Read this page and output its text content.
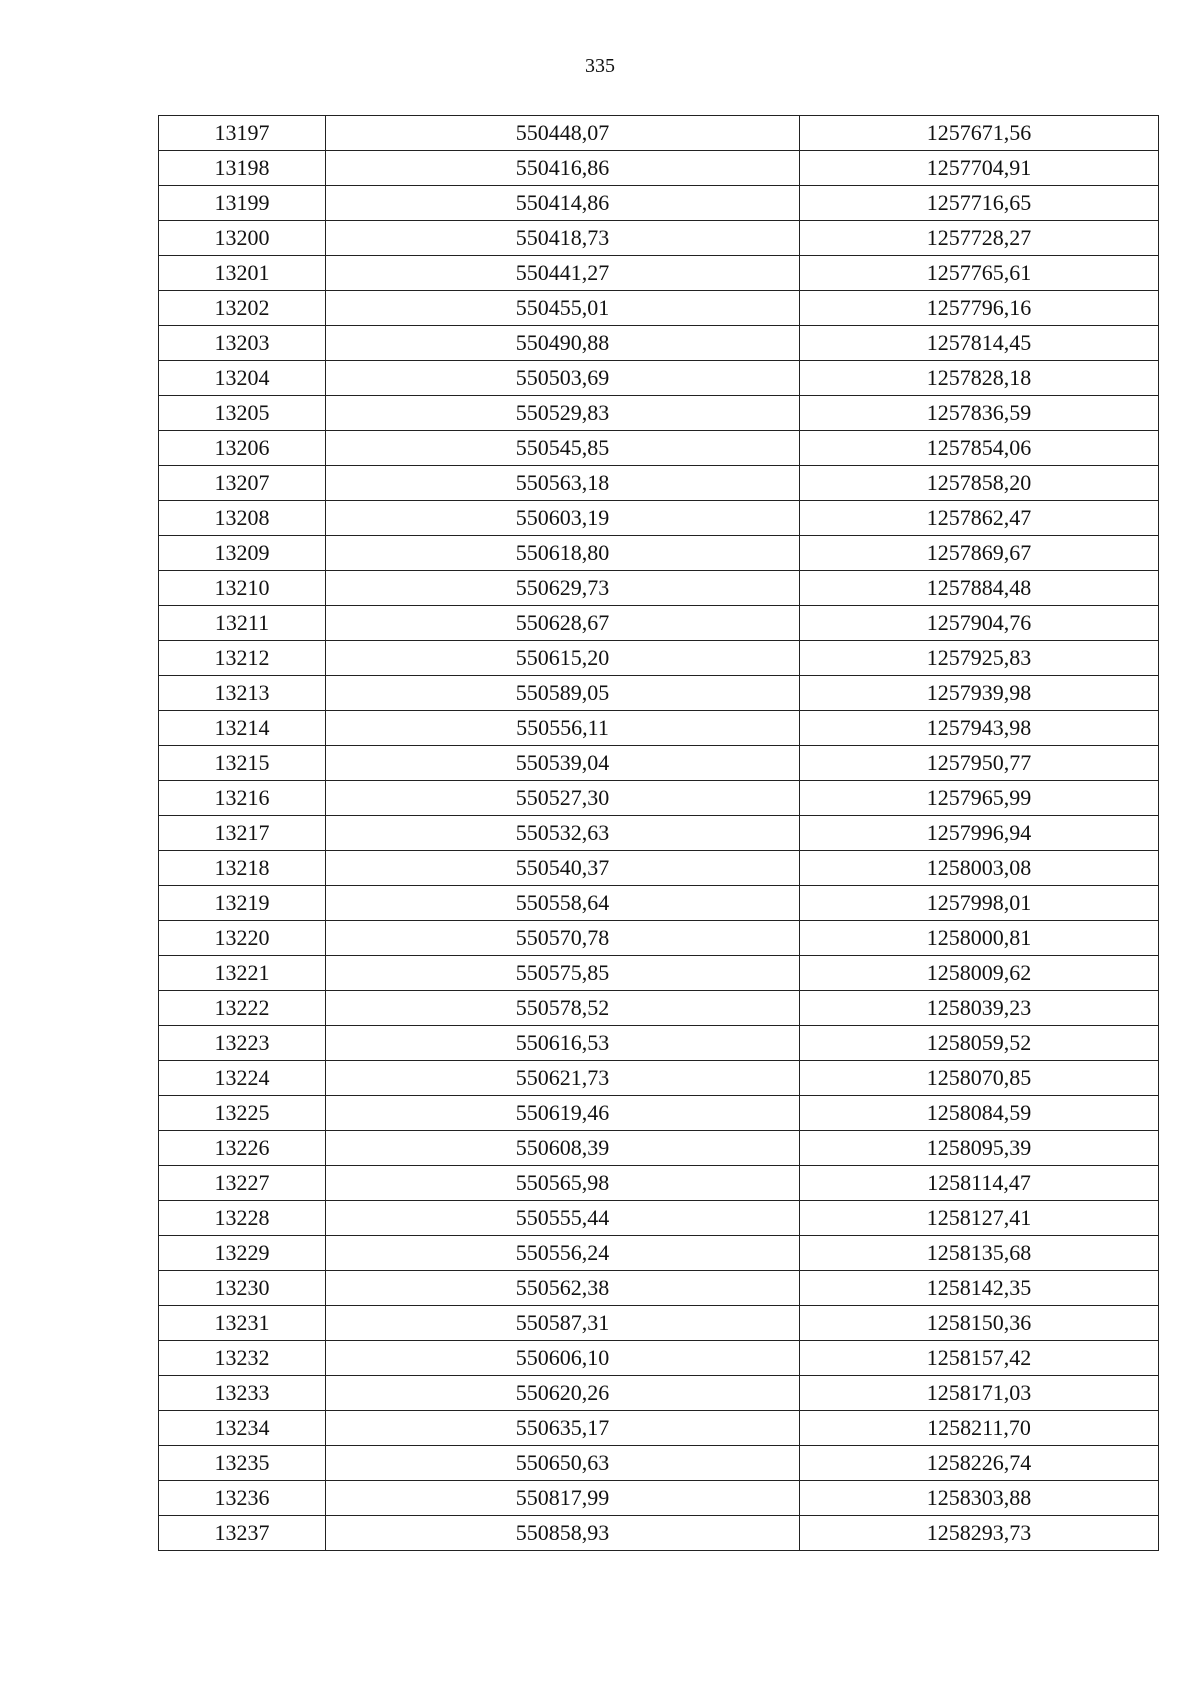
335
13197	550448,07	1257671,56
13198	550416,86	1257704,91
13199	550414,86	1257716,65
13200	550418,73	1257728,27
13201	550441,27	1257765,61
13202	550455,01	1257796,16
13203	550490,88	1257814,45
13204	550503,69	1257828,18
13205	550529,83	1257836,59
13206	550545,85	1257854,06
13207	550563,18	1257858,20
13208	550603,19	1257862,47
13209	550618,80	1257869,67
13210	550629,73	1257884,48
13211	550628,67	1257904,76
13212	550615,20	1257925,83
13213	550589,05	1257939,98
13214	550556,11	1257943,98
13215	550539,04	1257950,77
13216	550527,30	1257965,99
13217	550532,63	1257996,94
13218	550540,37	1258003,08
13219	550558,64	1257998,01
13220	550570,78	1258000,81
13221	550575,85	1258009,62
13222	550578,52	1258039,23
13223	550616,53	1258059,52
13224	550621,73	1258070,85
13225	550619,46	1258084,59
13226	550608,39	1258095,39
13227	550565,98	1258114,47
13228	550555,44	1258127,41
13229	550556,24	1258135,68
13230	550562,38	1258142,35
13231	550587,31	1258150,36
13232	550606,10	1258157,42
13233	550620,26	1258171,03
13234	550635,17	1258211,70
13235	550650,63	1258226,74
13236	550817,99	1258303,88
13237	550858,93	1258293,73
